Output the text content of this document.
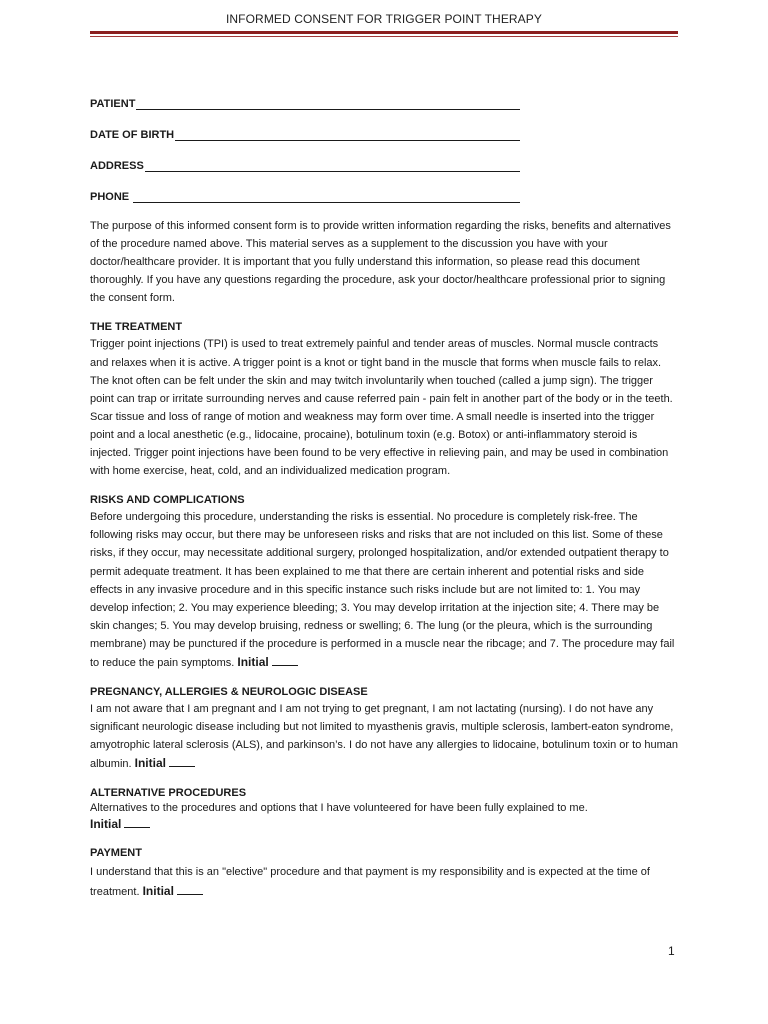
INFORMED CONSENT FOR TRIGGER POINT THERAPY
PATIENT
DATE OF BIRTH
ADDRESS
PHONE

The purpose of this informed consent form is to provide written information regarding the risks, benefits and alternatives of the procedure named above. This material serves as a supplement to the discussion you have with your doctor/healthcare provider. It is important that you fully understand this information, so please read this document thoroughly. If you have any questions regarding the procedure, ask your doctor/healthcare professional prior to signing the consent form.

THE TREATMENT

Trigger point injections (TPI) is used to treat extremely painful and tender areas of muscles. Normal muscle contracts and relaxes when it is active. A trigger point is a knot or tight band in the muscle that forms when muscle fails to relax. The knot often can be felt under the skin and may twitch involuntarily when touched (called a jump sign). The trigger point can trap or irritate surrounding nerves and cause referred pain - pain felt in another part of the body or in the teeth. Scar tissue and loss of range of motion and weakness may form over time. A small needle is inserted into the trigger point and a local anesthetic (e.g., lidocaine, procaine), botulinum toxin (e.g. Botox) or anti-inflammatory steroid is injected. Trigger point injections have been found to be very effective in relieving pain, and may be used in combination with home exercise, heat, cold, and an individualized medication program.

RISKS AND COMPLICATIONS

Before undergoing this procedure, understanding the risks is essential. No procedure is completely risk-free. The following risks may occur, but there may be unforeseen risks and risks that are not included on this list. Some of these risks, if they occur, may necessitate additional surgery, prolonged hospitalization, and/or extended outpatient therapy to permit adequate treatment. It has been explained to me that there are certain inherent and potential risks and side effects in any invasive procedure and in this specific instance such risks include but are not limited to: 1. You may develop infection; 2. You may experience bleeding; 3. You may develop irritation at the injection site; 4. There may be skin changes; 5. You may develop bruising, redness or swelling; 6. The lung (or the pleura, which is the surrounding membrane) may be punctured if the procedure is performed in a muscle near the ribcage; and 7. The procedure may fail to reduce the pain symptoms. Initial

PREGNANCY, ALLERGIES & NEUROLOGIC DISEASE

I am not aware that I am pregnant and I am not trying to get pregnant, I am not lactating (nursing). I do not have any significant neurologic disease including but not limited to myasthenis gravis, multiple sclerosis, lambert-eaton syndrome, amyotrophic lateral sclerosis (ALS), and parkinson’s. I do not have any allergies to lidocaine, botulinum toxin or to human albumin. Initial

ALTERNATIVE PROCEDURES

Alternatives to the procedures and options that I have volunteered for have been fully explained to me.

Initial

PAYMENT

I understand that this is an "elective" procedure and that payment is my responsibility and is expected at the time of treatment. Initial

1
